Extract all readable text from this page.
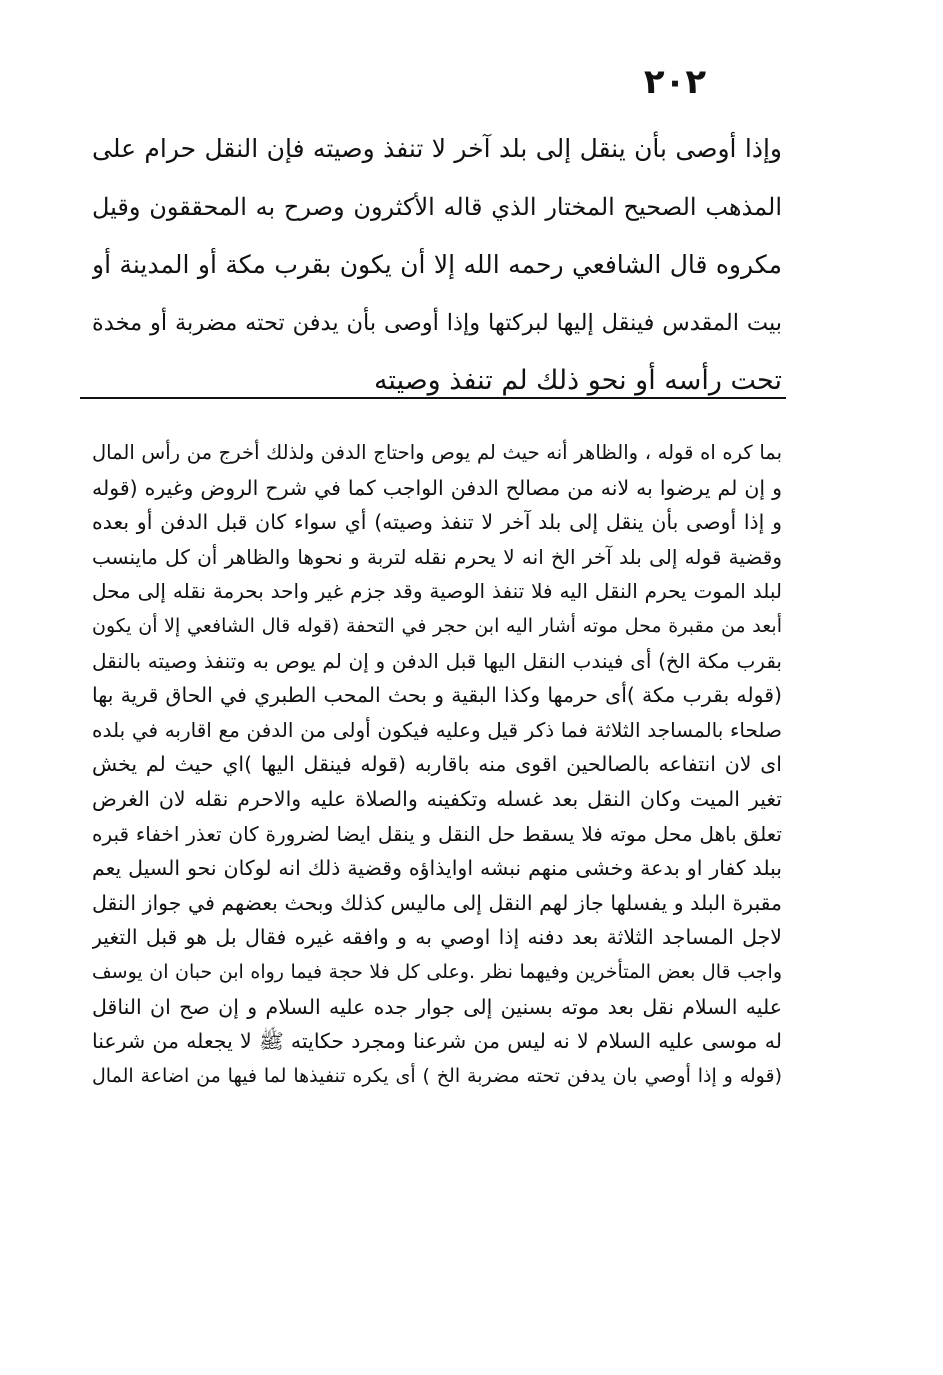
٢٠٢
وإذا أوصى بأن ينقل إلى بلد آخر لا تنفذ وصيته فإن النقل حرام على
المذهب الصحيح المختار الذي قاله الأكثرون وصرح به المحققون وقيل
مكروه قال الشافعي رحمه الله إلا أن يكون بقرب مكة أو المدينة أو
بيت المقدس فينقل إليها لبركتها وإذا أوصى بأن يدفن تحته مضربة أو مخدة
تحت رأسه أو نحو ذلك لم تنفذ وصيته
بما كره اه قوله ، والظاهر أنه حيث لم يوص واحتاج الدفن ولذلك أخرج من رأس المال
و إن لم يرضوا به لانه من مصالح الدفن الواجب كما في شرح الروض وغيره (قوله
و إذا أوصى بأن ينقل إلى بلد آخر لا تنفذ وصيته) أي سواء كان قبل الدفن أو بعده
وقضية قوله إلى بلد آخر الخ انه لا يحرم نقله لتربة و نحوها والظاهر أن كل ماينسب
لبلد الموت يحرم النقل اليه فلا تنفذ الوصية وقد جزم غير واحد بحرمة نقله إلى محل
أبعد من مقبرة محل موته أشار اليه ابن حجر في التحفة (قوله قال الشافعي إلا أن يكون
بقرب مكة الخ) أى فيندب النقل اليها قبل الدفن و إن لم يوص به وتنفذ وصيته بالنقل
(قوله بقرب مكة )أى حرمها وكذا البقية و بحث المحب الطبري في الحاق قرية بها
صلحاء بالمساجد الثلاثة فما ذكر قيل وعليه فيكون أولى من الدفن مع اقاربه في بلده
اى لان انتفاعه بالصالحين اقوى منه باقاربه (قوله فينقل اليها )اي حيث لم يخش
تغير الميت وكان النقل بعد غسله وتكفينه والصلاة عليه والاحرم نقله لان الغرض
تعلق باهل محل موته فلا يسقط حل النقل و ينقل ايضا لضرورة كان تعذر اخفاء قبره
ببلد كفار او بدعة وخشى منهم نبشه اوايذاؤه وقضية ذلك انه لوكان نحو السيل يعم
مقبرة البلد و يفسلها جاز لهم النقل إلى ماليس كذلك وبحث بعضهم في جواز النقل
لاجل المساجد الثلاثة بعد دفنه إذا اوصي به و وافقه غيره فقال بل هو قبل التغير
واجب قال بعض المتأخرين وفيهما نظر .وعلى كل فلا حجة فيما رواه ابن حبان ان يوسف
عليه السلام نقل بعد موته بسنين إلى جوار جده عليه السلام و إن صح ان الناقل
له موسى عليه السلام لا نه ليس من شرعنا ومجرد حكايته ﷺ لا يجعله من شرعنا
(قوله و إذا أوصي بان يدفن تحته مضربة الخ ) أى يكره تنفيذها لما فيها من اضاعة المال
